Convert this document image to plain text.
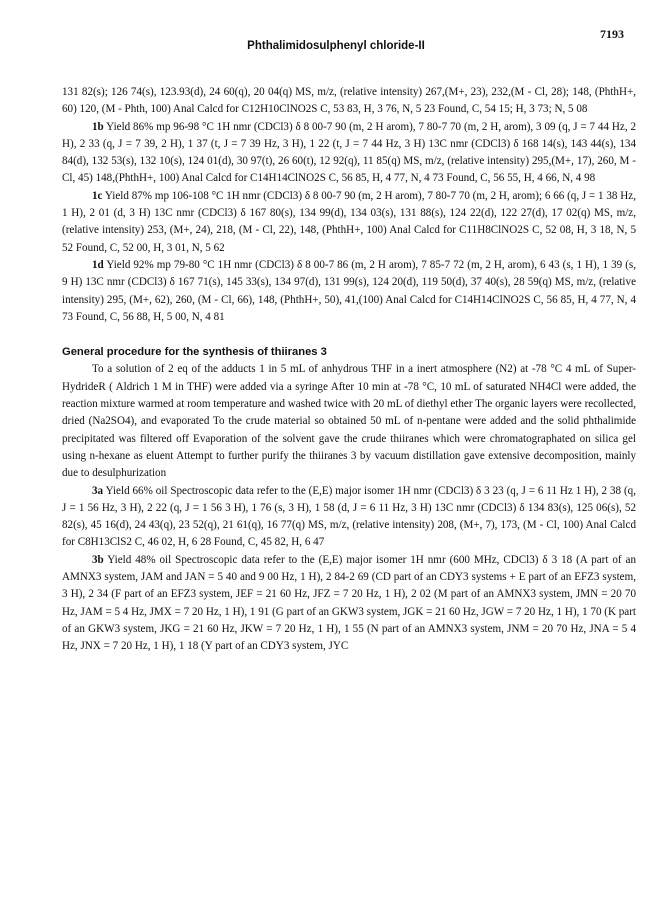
Phthalimidosulphenyl chloride-II
7193

131 82(s); 126 74(s), 123.93(d), 24 60(q), 20 04(q) MS, m/z, (relative intensity) 267,(M+, 23), 232,(M - Cl, 28); 148, (PhthH+, 60) 120, (M - Phth, 100) Anal Calcd for C12H10ClNO2S C, 53 83, H, 3 76, N, 5 23 Found, C, 54 15; H, 3 73; N, 5 08

1b Yield 86% mp 96-98 °C 1H nmr (CDCl3) δ 8 00-7 90 (m, 2 H arom), 7 80-7 70 (m, 2 H, arom), 3 09 (q, J = 7 44 Hz, 2 H), 2 33 (q, J = 7 39, 2 H), 1 37 (t, J = 7 39 Hz, 3 H), 1 22 (t, J = 7 44 Hz, 3 H) 13C nmr (CDCl3) δ 168 14(s), 143 44(s), 134 84(d), 132 53(s), 132 10(s), 124 01(d), 30 97(t), 26 60(t), 12 92(q), 11 85(q) MS, m/z, (relative intensity) 295,(M+, 17), 260, M - Cl, 45) 148,(PhthH+, 100) Anal Calcd for C14H14ClNO2S C, 56 85, H, 4 77, N, 4 73 Found, C, 56 55, H, 4 66, N, 4 98

1c Yield 87% mp 106-108 °C 1H nmr (CDCl3) δ 8 00-7 90 (m, 2 H arom), 7 80-7 70 (m, 2 H, arom); 6 66 (q, J = 1 38 Hz, 1 H), 2 01 (d, 3 H) 13C nmr (CDCl3) δ 167 80(s), 134 99(d), 134 03(s), 131 88(s), 124 22(d), 122 27(d), 17 02(q) MS, m/z,(relative intensity) 253, (M+, 24), 218, (M - Cl, 22), 148, (PhthH+, 100) Anal Calcd for C11H8ClNO2S C, 52 08, H, 3 18, N, 5 52 Found, C, 52 00, H, 3 01, N, 5 62

1d Yield 92% mp 79-80 °C 1H nmr (CDCl3) δ 8 00-7 86 (m, 2 H arom), 7 85-7 72 (m, 2 H, arom), 6 43 (s, 1 H), 1 39 (s, 9 H) 13C nmr (CDCl3) δ 167 71(s), 145 33(s), 134 97(d), 131 99(s), 124 20(d), 119 50(d), 37 40(s), 28 59(q) MS, m/z, (relative intensity) 295, (M+, 62), 260, (M - Cl, 66), 148, (PhthH+, 50), 41,(100) Anal Calcd for C14H14ClNO2S C, 56 85, H, 4 77, N, 4 73 Found, C, 56 88, H, 5 00, N, 4 81

General procedure for the synthesis of thiiranes 3

To a solution of 2 eq of the adducts 1 in 5 mL of anhydrous THF in a inert atmosphere (N2) at -78 °C 4 mL of Super-HydrideR ( Aldrich 1 M in THF) were added via a syringe After 10 min at -78 °C, 10 mL of saturated NH4Cl were added, the reaction mixture warmed at room temperature and washed twice with 20 mL of diethyl ether The organic layers were recollected, dried (Na2SO4), and evaporated To the crude material so obtained 50 mL of n-pentane were added and the solid phthalimide precipitated was filtered off Evaporation of the solvent gave the crude thiiranes which were chromatographated on silica gel using n-hexane as eluent Attempt to further purify the thiiranes 3 by vacuum distillation gave extensive decomposition, mainly due to desulphurization

3a Yield 66% oil Spectroscopic data refer to the (E,E) major isomer 1H nmr (CDCl3) δ 3 23 (q, J = 6 11 Hz 1 H), 2 38 (q, J = 1 56 Hz, 3 H), 2 22 (q, J = 1 56 3 H), 1 76 (s, 3 H), 1 58 (d, J = 6 11 Hz, 3 H) 13C nmr (CDCl3) δ 134 83(s), 125 06(s), 52 82(s), 45 16(d), 24 43(q), 23 52(q), 21 61(q), 16 77(q) MS, m/z, (relative intensity) 208, (M+, 7), 173, (M - Cl, 100) Anal Calcd for C8H13ClS2 C, 46 02, H, 6 28 Found, C, 45 82, H, 6 47

3b Yield 48% oil Spectroscopic data refer to the (E,E) major isomer 1H nmr (600 MHz, CDCl3) δ 3 18 (A part of an AMNX3 system, JAM and JAN = 5 40 and 9 00 Hz, 1 H), 2 84-2 69 (CD part of an CDY3 systems + E part of an EFZ3 system, 3 H), 2 34 (F part of an EFZ3 system, JEF = 21 60 Hz, JFZ = 7 20 Hz, 1 H), 2 02 (M part of an AMNX3 system, JMN = 20 70 Hz, JAM = 5 4 Hz, JMX = 7 20 Hz, 1 H), 1 91 (G part of an GKW3 system, JGK = 21 60 Hz, JGW = 7 20 Hz, 1 H), 1 70 (K part of an GKW3 system, JKG = 21 60 Hz, JKW = 7 20 Hz, 1 H), 1 55 (N part of an AMNX3 system, JNM = 20 70 Hz, JNA = 5 4 Hz, JNX = 7 20 Hz, 1 H), 1 18 (Y part of an CDY3 system, JYC
